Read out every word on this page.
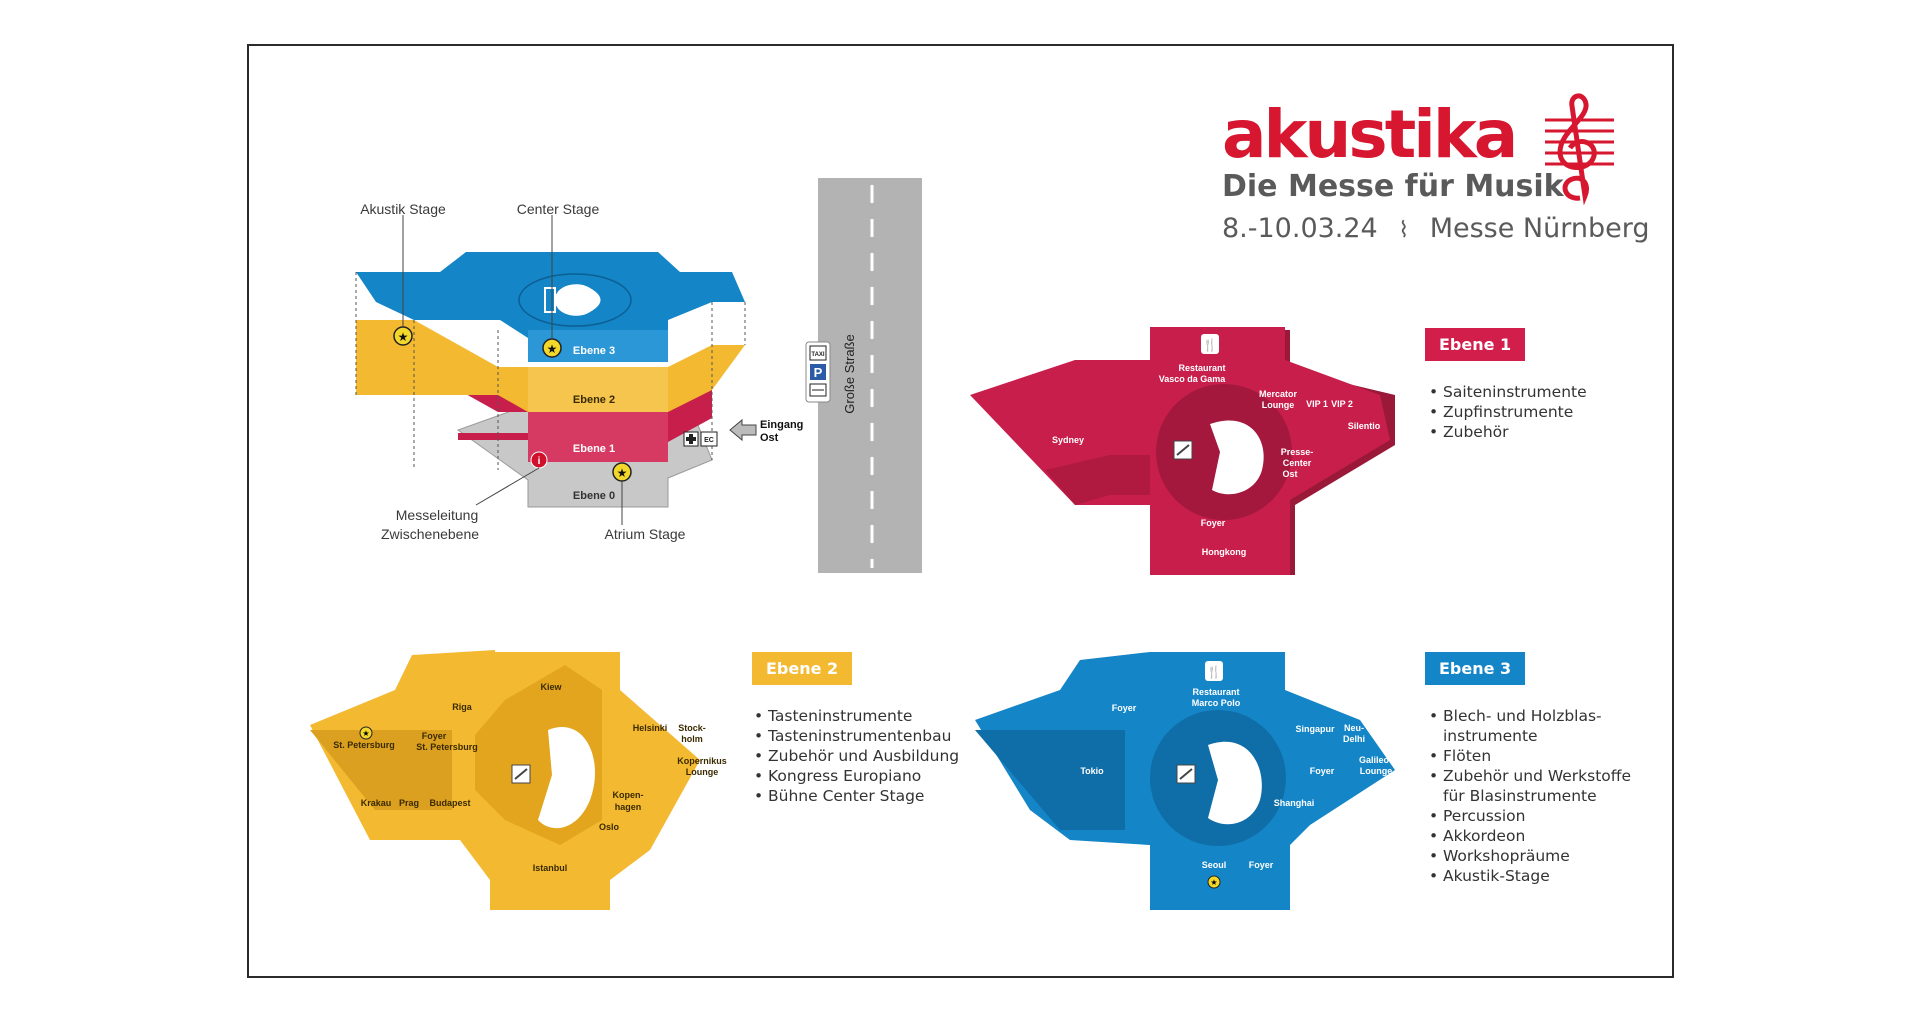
akustika
Die Messe für Musik
8.-10.03.24 ⌇ Messe Nürnberg
Ebene 3
Ebene 2
Ebene 1
Ebene 0
★
★
★
i
Akustik Stage	Center Stage
Messeleitung
Zwischenebene	Atrium Stage
EC
Eingang
Ost
Große Straße
TAXI
P
🍴
Restaurant
Vasco da Gama
Mercator
Lounge VIP 1 VIP 2
Silentio
Sydney
Presse-
Center
Ost
Foyer
Hongkong
★
Kiew
Riga
St. Petersburg
Foyer
St. Petersburg
Helsinki Stock-
holm
Kopernikus
Lounge
Krakau Prag Budapest
Kopen-
hagen
Oslo
Istanbul
🍴
Restaurant
Marco Polo
Foyer
Tokio
Singapur Neu-
Delhi
Foyer
Galileo
Lounge
Shanghai
Seoul Foyer
★
Ebene 1
• Saiteninstrumente
• Zupfinstrumente
• Zubehör
Ebene 2
• Tasteninstrumente
• Tasteninstrumentenbau
• Zubehör und Ausbildung
• Kongress Europiano
• Bühne Center Stage
Ebene 3
• Blech- und Holzblas-
instrumente
• Flöten
• Zubehör und Werkstoffe
für Blasinstrumente
• Percussion
• Akkordeon
• Workshopräume
• Akustik-Stage
